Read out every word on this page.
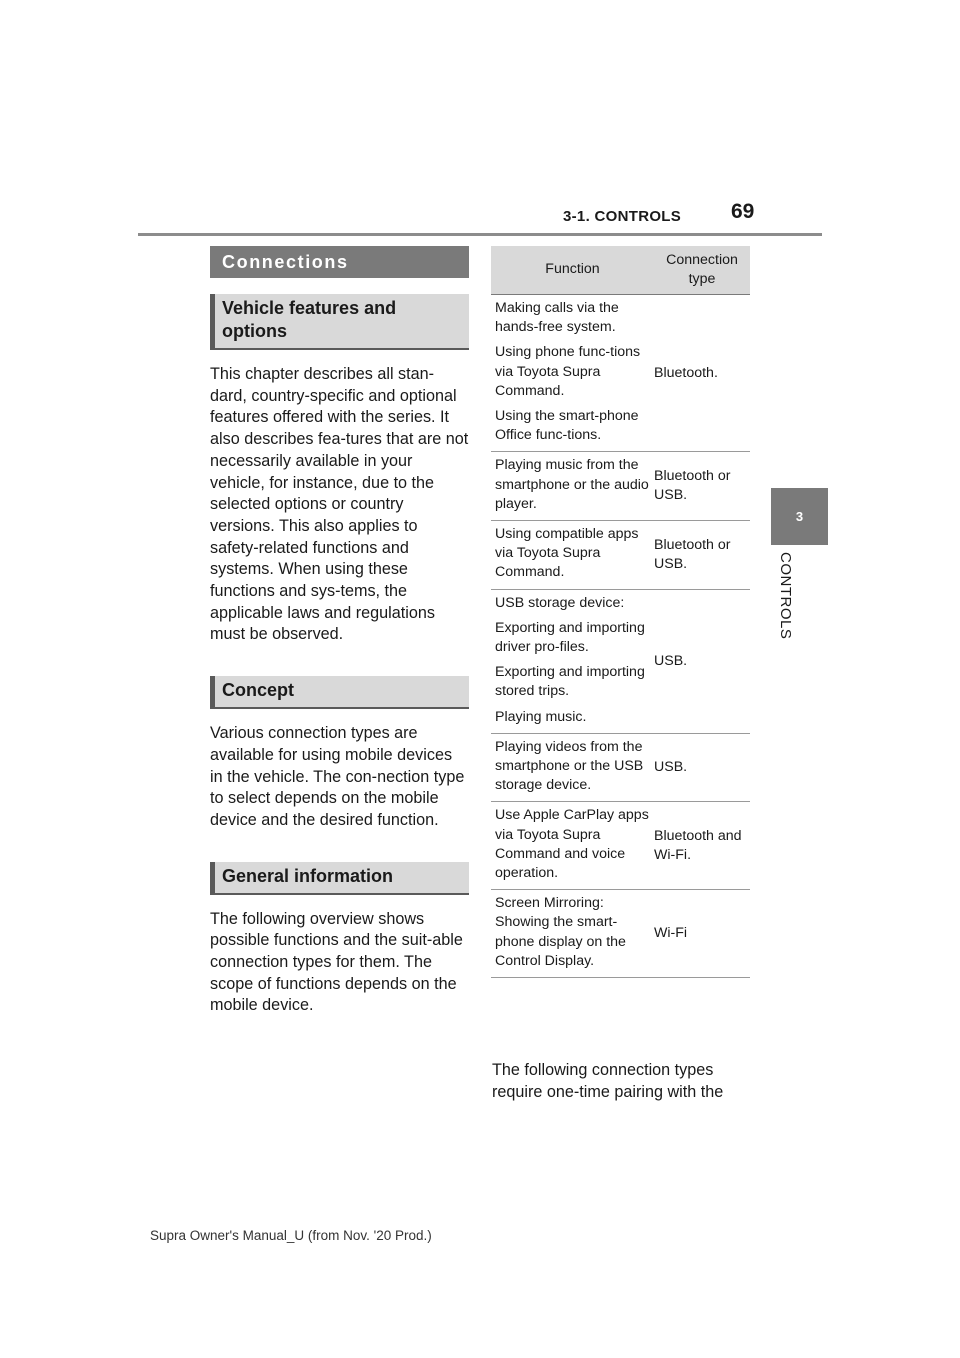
3-1. CONTROLS 69
3
CONTROLS
Connections
Vehicle features and options

This chapter describes all stan-dard, country-specific and optional features offered with the series. It also describes fea-tures that are not necessarily available in your vehicle, for instance, due to the selected options or country versions. This also applies to safety-related functions and systems. When using these functions and sys-tems, the applicable laws and regulations must be observed.

Concept

Various connection types are available for using mobile devices in the vehicle. The con-nection type to select depends on the mobile device and the desired function.

General information

The following overview shows possible functions and the suit-able connection types for them. The scope of functions depends on the mobile device.

Function
Connection type

Making calls via the hands-free system.

Using phone func-tions via Toyota Supra Command.

Using the smart-phone Office func-tions.

Bluetooth.

Playing music from the smartphone or the audio player.

Bluetooth or USB.

Using compatible apps via Toyota Supra Command.

Bluetooth or USB.

USB storage device:

Exporting and importing driver pro-files.

Exporting and importing stored trips.

Playing music.

USB.

Playing videos from the smartphone or the USB storage device.

USB.

Use Apple CarPlay apps via Toyota Supra Command and voice operation.

Bluetooth and Wi-Fi.

Screen Mirroring: Showing the smart-phone display on the Control Display.

Wi-Fi

The following connection types require one-time pairing with the

Supra Owner's Manual_U (from Nov. '20 Prod.)
